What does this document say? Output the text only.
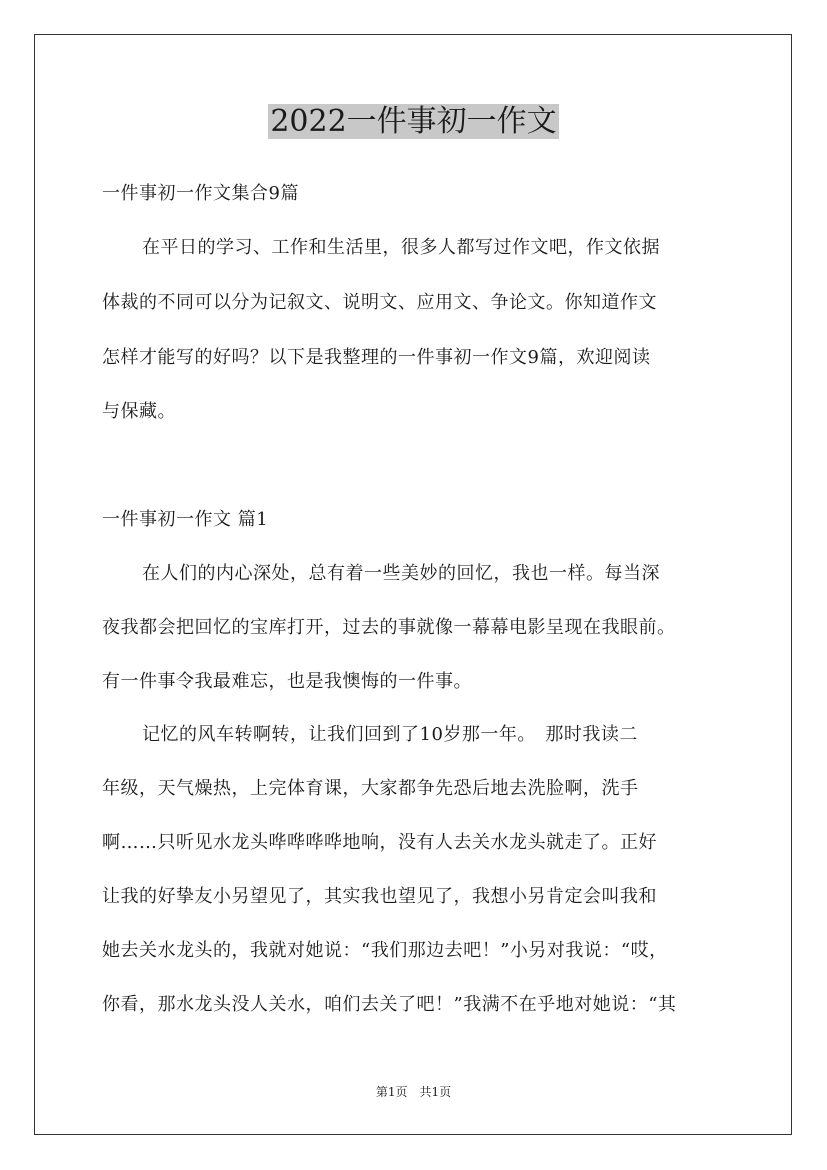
2022一件事初一作文

一件事初一作文集合9篇

在平日的学习、工作和生活里，很多人都写过作文吧，作文依据

体裁的不同可以分为记叙文、说明文、应用文、争论文。你知道作文

怎样才能写的好吗？以下是我整理的一件事初一作文9篇，欢迎阅读

与保藏。

一件事初一作文 篇1

在人们的内心深处，总有着一些美妙的回忆，我也一样。每当深

夜我都会把回忆的宝库打开，过去的事就像一幕幕电影呈现在我眼前。

有一件事令我最难忘，也是我懊悔的一件事。

记忆的风车转啊转，让我们回到了10岁那一年。　那时我读二

年级，天气燥热，上完体育课，大家都争先恐后地去洗脸啊，洗手

啊……只听见水龙头哗哗哗哗地响，没有人去关水龙头就走了。正好

让我的好挚友小另望见了，其实我也望见了，我想小另肯定会叫我和

她去关水龙头的，我就对她说：“我们那边去吧！”小另对我说：“哎，

你看，那水龙头没人关水，咱们去关了吧！”我满不在乎地对她说：“其

第1页　共1页
